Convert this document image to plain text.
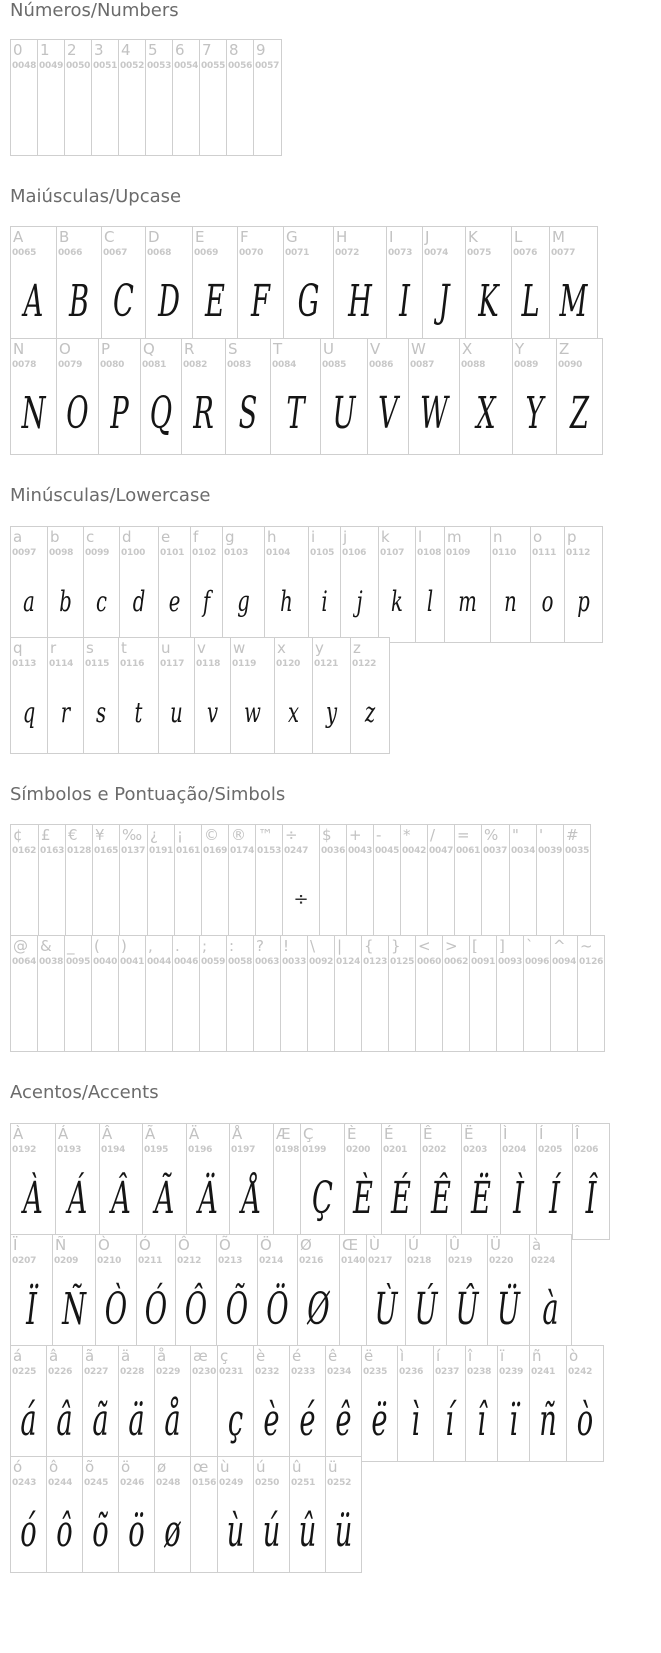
Números/Numbers
Maiúsculas/Upcase
Minúsculas/Lowercase
Símbolos e Pontuação/Simbols
Acentos/Accents
0
0048
1
0049
2
0050
3
0051
4
0052
5
0053
6
0054
7
0055
8
0056
9
0057
A
0065
A
B
0066
B
C
0067
C
D
0068
D
E
0069
E
F
0070
F
G
0071
G
H
0072
H
I
0073
I
J
0074
J
K
0075
K
L
0076
L
M
0077
M
N
0078
N
O
0079
O
P
0080
P
Q
0081
Q
R
0082
R
S
0083
S
T
0084
T
U
0085
U
V
0086
V
W
0087
W
X
0088
X
Y
0089
Y
Z
0090
Z
a
0097
a
b
0098
b
c
0099
c
d
0100
d
e
0101
e
f
0102
f
g
0103
g
h
0104
h
i
0105
i
j
0106
j
k
0107
k
l
0108
l
m
0109
m
n
0110
n
o
0111
o
p
0112
p
q
0113
q
r
0114
r
s
0115
s
t
0116
t
u
0117
u
v
0118
v
w
0119
w
x
0120
x
y
0121
y
z
0122
z
¢
0162
£
0163
€
0128
¥
0165
‰
0137
¿
0191
¡
0161
©
0169
®
0174
™
0153
÷
0247
÷
$
0036
+
0043
-
0045
*
0042
/
0047
=
0061
%
0037
"
0034
'
0039
#
0035
@
0064
&
0038
_
0095
(
0040
)
0041
,
0044
.
0046
;
0059
:
0058
?
0063
!
0033
\
0092
|
0124
{
0123
}
0125
<
0060
>
0062
[
0091
]
0093
`
0096
^
0094
~
0126
À
0192
À
Á
0193
Á
Â
0194
Â
Ã
0195
Ã
Ä
0196
Ä
Å
0197
Å
Æ
0198
Ç
0199
Ç
È
0200
È
É
0201
É
Ê
0202
Ê
Ë
0203
Ë
Ì
0204
Ì
Í
0205
Í
Î
0206
Î
Ï
0207
Ï
Ñ
0209
Ñ
Ò
0210
Ò
Ó
0211
Ó
Ô
0212
Ô
Õ
0213
Õ
Ö
0214
Ö
Ø
0216
Ø
Œ
0140
Ù
0217
Ù
Ú
0218
Ú
Û
0219
Û
Ü
0220
Ü
à
0224
à
á
0225
á
â
0226
â
ã
0227
ã
ä
0228
ä
å
0229
å
æ
0230
ç
0231
ç
è
0232
è
é
0233
é
ê
0234
ê
ë
0235
ë
ì
0236
ì
í
0237
í
î
0238
î
ï
0239
ï
ñ
0241
ñ
ò
0242
ò
ó
0243
ó
ô
0244
ô
õ
0245
õ
ö
0246
ö
ø
0248
ø
œ
0156
ù
0249
ù
ú
0250
ú
û
0251
û
ü
0252
ü
